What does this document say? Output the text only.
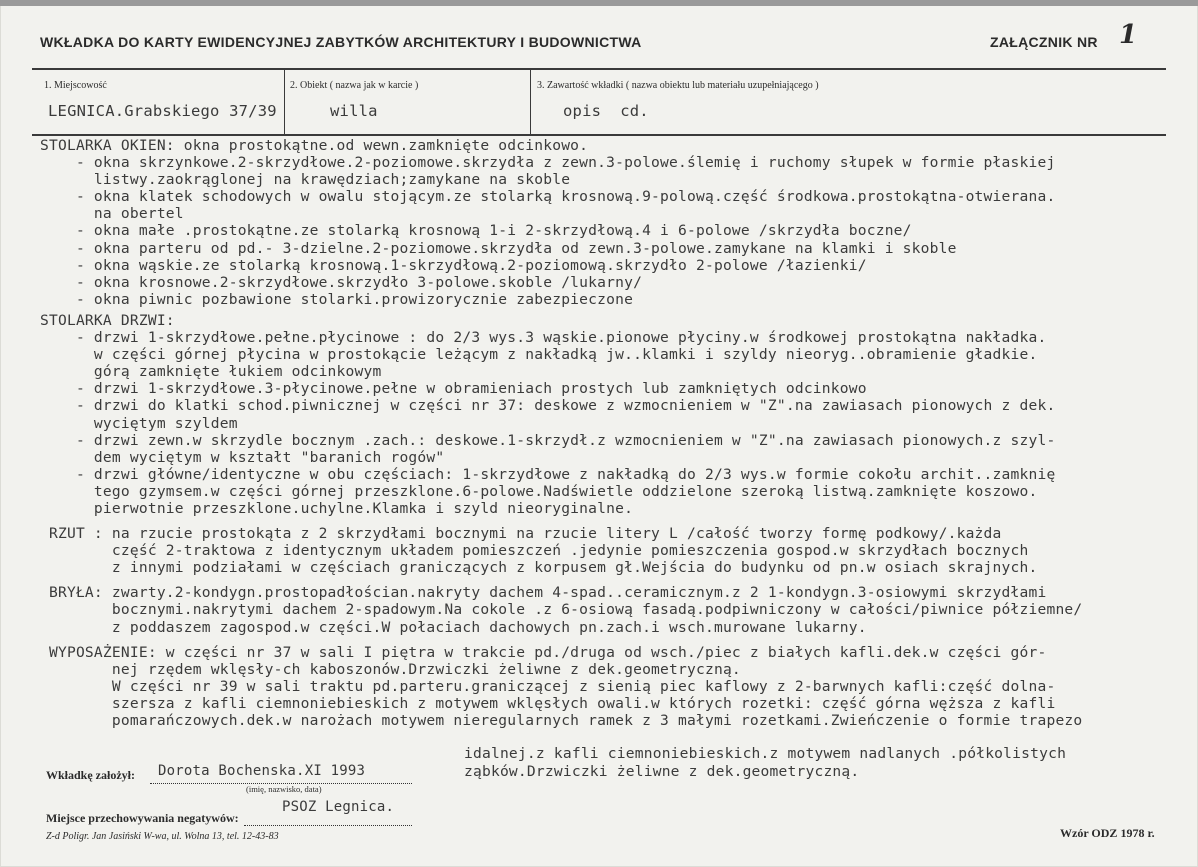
WKŁADKA DO KARTY EWIDENCYJNEJ ZABYTKÓW ARCHITEKTURY I BUDOWNICTWA	ZAŁĄCZNIK NR 1
1. Miejscowość	2. Obiekt ( nazwa jak w karcie )	3. Zawartość wkładki ( nazwa obiektu lub materiału uzupełniającego )
LEGNICA.Grabskiego 37/39	willa	opis  cd.
STOLARKA OKIEN: okna prostokątne.od wewn.zamknięte odcinkowo.
- okna skrzynkowe.2-skrzydłowe.2-poziomowe.skrzydła z zewn.3-polowe.ślemię i ruchomy słupek w formie płaskiej
listwy.zaokrąglonej na krawędziach;zamykane na skoble
- okna klatek schodowych w owalu stojącym.ze stolarką krosnową.9-polową.część środkowa.prostokątna-otwierana.
na obertel
- okna małe .prostokątne.ze stolarką krosnową 1-i 2-skrzydłową.4 i 6-polowe /skrzydła boczne/
- okna parteru od pd.- 3-dzielne.2-poziomowe.skrzydła od zewn.3-polowe.zamykane na klamki i skoble
- okna wąskie.ze stolarką krosnową.1-skrzydłową.2-poziomową.skrzydło 2-polowe /łazienki/
- okna krosnowe.2-skrzydłowe.skrzydło 3-polowe.skoble /lukarny/
- okna piwnic pozbawione stolarki.prowizorycznie zabezpieczone
STOLARKA DRZWI:
- drzwi 1-skrzydłowe.pełne.płycinowe : do 2/3 wys.3 wąskie.pionowe płyciny.w środkowej prostokątna nakładka.
w części górnej płycina w prostokącie leżącym z nakładką jw..klamki i szyldy nieoryg..obramienie gładkie.
górą zamknięte łukiem odcinkowym
- drzwi 1-skrzydłowe.3-płycinowe.pełne w obramieniach prostych lub zamkniętych odcinkowo
- drzwi do klatki schod.piwnicznej w części nr 37: deskowe z wzmocnieniem w "Z".na zawiasach pionowych z dek.
wyciętym szyldem
- drzwi zewn.w skrzydle bocznym .zach.: deskowe.1-skrzydł.z wzmocnieniem w "Z".na zawiasach pionowych.z szyl-
dem wyciętym w kształt "baranich rogów"
- drzwi główne/identyczne w obu częściach: 1-skrzydłowe z nakładką do 2/3 wys.w formie cokołu archit..zamknię
tego gzymsem.w części górnej przeszklone.6-polowe.Nadświetle oddzielone szeroką listwą.zamknięte koszowo.
pierwotnie przeszklone.uchylne.Klamka i szyld nieoryginalne.
RZUT : na rzucie prostokąta z 2 skrzydłami bocznymi na rzucie litery L /całość tworzy formę podkowy/.każda
część 2-traktowa z identycznym układem pomieszczeń .jedynie pomieszczenia gospod.w skrzydłach bocznych
z innymi podziałami w częściach graniczących z korpusem gł.Wejścia do budynku od pn.w osiach skrajnych.
BRYŁA: zwarty.2-kondygn.prostopadłościan.nakryty dachem 4-spad..ceramicznym.z 2 1-kondygn.3-osiowymi skrzydłami
bocznymi.nakrytymi dachem 2-spadowym.Na cokole .z 6-osiową fasadą.podpiwniczony w całości/piwnice półziemne/
z poddaszem zagospod.w części.W połaciach dachowych pn.zach.i wsch.murowane lukarny.
WYPOSAŻENIE: w części nr 37 w sali I piętra w trakcie pd./druga od wsch./piec z białych kafli.dek.w części gór-
nej rzędem wklęsły-ch kaboszonów.Drzwiczki żeliwne z dek.geometryczną.
W części nr 39 w sali traktu pd.parteru.graniczącej z sienią piec kaflowy z 2-barwnych kafli:część dolna-
szersza z kafli ciemnoniebieskich z motywem wklęsłych owali.w których rozetki: część górna węższa z kafli
pomarańczowych.dek.w narożach motywem nieregularnych ramek z 3 małymi rozetkami.Zwieńczenie o formie trapezo
idalnej.z kafli ciemnoniebieskich.z motywem nadlanych .półkolistych
ząbków.Drzwiczki żeliwne z dek.geometryczną.
Wkładkę założył: Dorota Bochenska.XI 1993
(imię, nazwisko, data)
Miejsce przechowywania negatywów:
PSOZ Legnica.
Z-d Poligr. Jan Jasiński W-wa, ul. Wolna 13, tel. 12-43-83	Wzór ODZ 1978 r.
